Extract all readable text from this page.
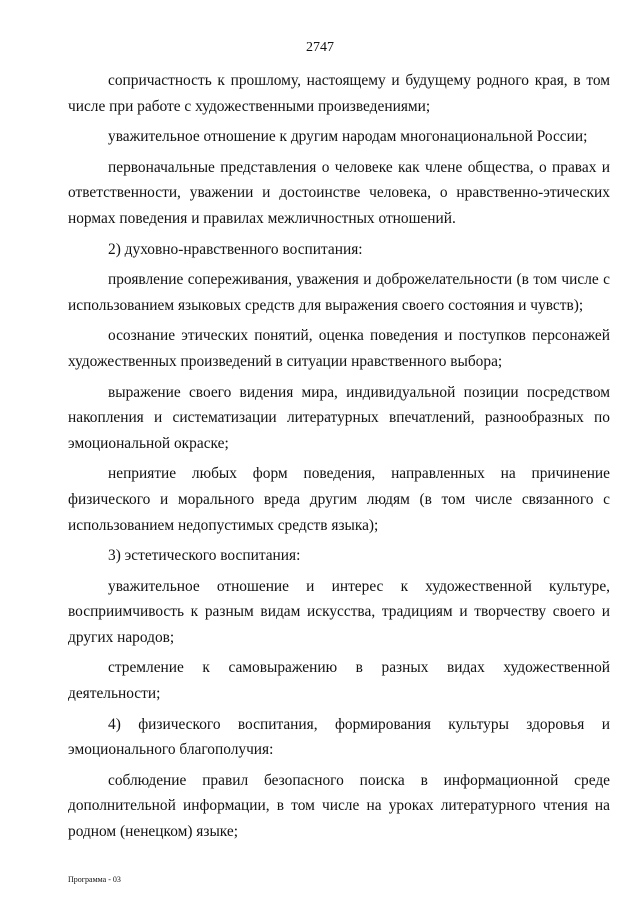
2747

сопричастность к прошлому, настоящему и будущему родного края, в том числе при работе с художественными произведениями;

уважительное отношение к другим народам многонациональной России;

первоначальные представления о человеке как члене общества, о правах и ответственности, уважении и достоинстве человека, о нравственно-этических нормах поведения и правилах межличностных отношений.

2) духовно-нравственного воспитания:

проявление сопереживания, уважения и доброжелательности (в том числе с использованием языковых средств для выражения своего состояния и чувств);

осознание этических понятий, оценка поведения и поступков персонажей художественных произведений в ситуации нравственного выбора;

выражение своего видения мира, индивидуальной позиции посредством накопления и систематизации литературных впечатлений, разнообразных по эмоциональной окраске;

неприятие любых форм поведения, направленных на причинение физического и морального вреда другим людям (в том числе связанного с использованием недопустимых средств языка);

3) эстетического воспитания:

уважительное отношение и интерес к художественной культуре, восприимчивость к разным видам искусства, традициям и творчеству своего и других народов;

стремление к самовыражению в разных видах художественной деятельности;

4) физического воспитания, формирования культуры здоровья и эмоционального благополучия:

соблюдение правил безопасного поиска в информационной среде дополнительной информации, в том числе на уроках литературного чтения на родном (ненецком) языке;

Программа - 03
